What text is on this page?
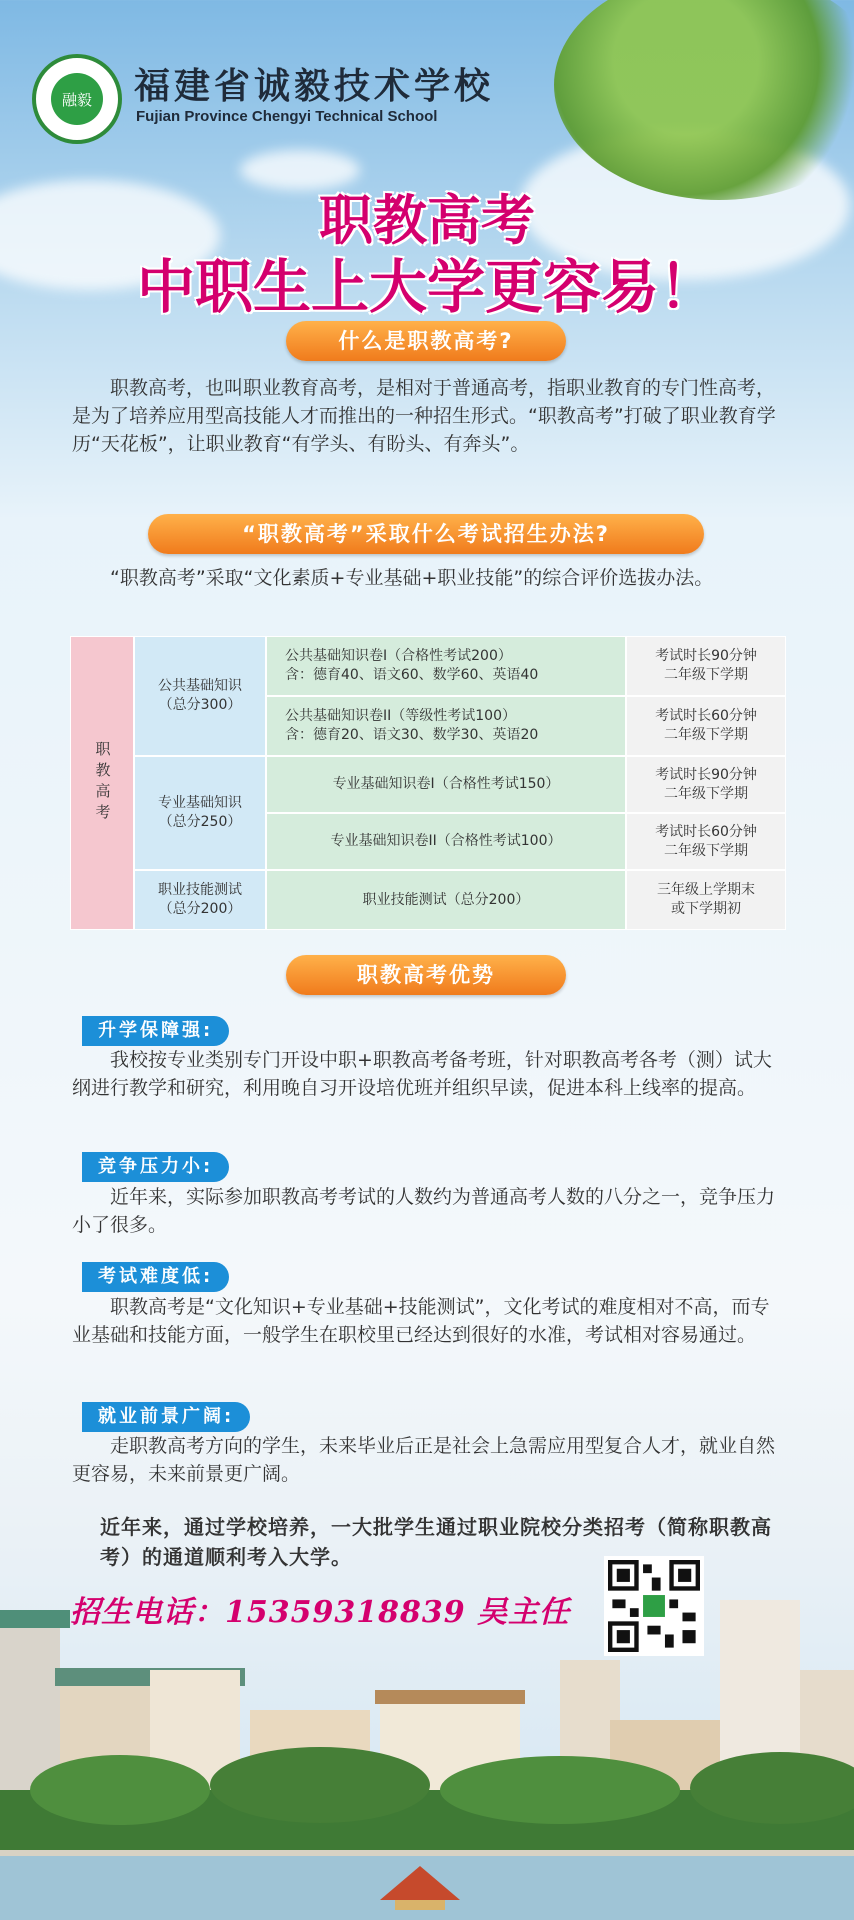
融毅	福建省诚毅技术学校
Fujian Province Chengyi Technical School
职教高考
中职生上大学更容易！
什么是职教高考?
　　职教高考，也叫职业教育高考，是相对于普通高考，指职业教育的专门性高考，是为了培养应用型高技能人才而推出的一种招生形式。“职教高考”打破了职业教育学历“天花板”，让职业教育“有学头、有盼头、有奔头”。
“职教高考”采取什么考试招生办法?
　　“职教高考”采取“文化素质+专业基础+职业技能”的综合评价选拔办法。
职教高考
公共基础知识
（总分300）
专业基础知识
（总分250）
职业技能测试
（总分200）
公共基础知识卷I（合格性考试200）
含：德育40、语文60、数学60、英语40
考试时长90分钟
二年级下学期
公共基础知识卷II（等级性考试100）
含：德育20、语文30、数学30、英语20
考试时长60分钟
二年级下学期
专业基础知识卷I（合格性考试150）
考试时长90分钟
二年级下学期
专业基础知识卷II（合格性考试100）
考试时长60分钟
二年级下学期
职业技能测试（总分200）
三年级上学期末
或下学期初
职教高考优势
升学保障强:
　　我校按专业类别专门开设中职+职教高考备考班，针对职教高考各考（测）试大纲进行教学和研究，利用晚自习开设培优班并组织早读，促进本科上线率的提高。
竞争压力小:
　　近年来，实际参加职教高考考试的人数约为普通高考人数的八分之一，竞争压力小了很多。
考试难度低:
　　职教高考是“文化知识+专业基础+技能测试”，文化考试的难度相对不高，而专业基础和技能方面，一般学生在职校里已经达到很好的水准，考试相对容易通过。
就业前景广阔:
　　走职教高考方向的学生，未来毕业后正是社会上急需应用型复合人才，就业自然更容易，未来前景更广阔。
近年来，通过学校培养，一大批学生通过职业院校分类招考（简称职教高考）的通道顺利考入大学。
招生电话：15359318839 吴主任
